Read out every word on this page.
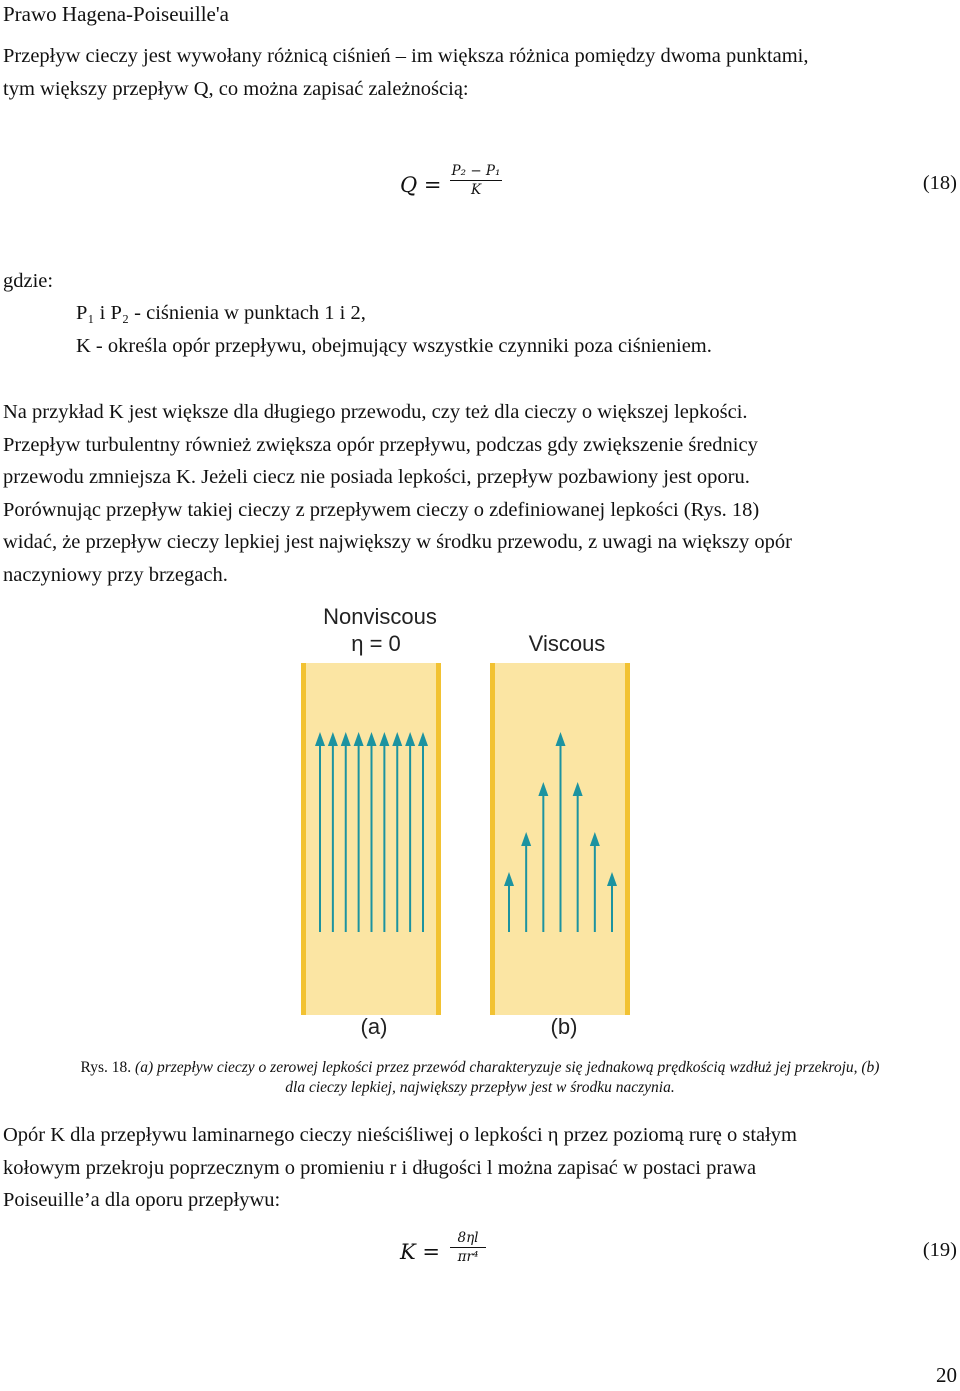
Prawo Hagena-Poiseuille'a
Przepływ cieczy jest wywołany różnicą ciśnień – im większa różnica pomiędzy dwoma punktami,
tym większy przepływ Q, co można zapisać zależnością:
Q =
P₂ − P₁
K	(18)
gdzie:
P₁ i P₂ - ciśnienia w punktach 1 i 2,
K - określa opór przepływu, obejmujący wszystkie czynniki poza ciśnieniem.
Na przykład K jest większe dla długiego przewodu, czy też dla cieczy o większej lepkości.
Przepływ turbulentny również zwiększa opór przepływu, podczas gdy zwiększenie średnicy
przewodu zmniejsza K. Jeżeli ciecz nie posiada lepkości, przepływ pozbawiony jest oporu.
Porównując przepływ takiej cieczy z przepływem cieczy o zdefiniowanej lepkości (Rys. 18)
widać, że przepływ cieczy lepkiej jest największy w środku przewodu, z uwagi na większy opór
naczyniowy przy brzegach.
Nonviscous
η = 0	Viscous
(a)	(b)
Rys. 18. (a) przepływ cieczy o zerowej lepkości przez przewód charakteryzuje się jednakową prędkością wzdłuż jej przekroju, (b)
dla cieczy lepkiej, największy przepływ jest w środku naczynia.
Opór K dla przepływu laminarnego cieczy nieściśliwej o lepkości η przez poziomą rurę o stałym
kołowym przekroju poprzecznym o promieniu r i długości l można zapisać w postaci prawa
Poiseuille’a dla oporu przepływu:
K =
8ηl
πr⁴	(19)
20
